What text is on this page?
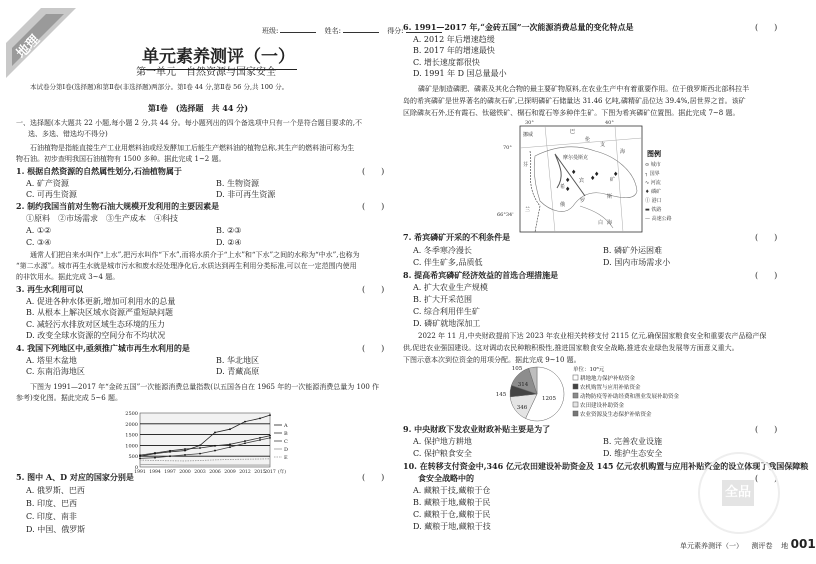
地理
班级:	姓名:	得分:
单元素养测评（一）
第一单元　自然资源与国家安全
本试卷分第Ⅰ卷(选择题)和第Ⅱ卷(非选择题)两部分。第Ⅰ卷 44 分,第Ⅱ卷 56 分,共 100 分。
第Ⅰ卷　(选择题　共 44 分)
一、选择题(本大题共 22 小题,每小题 2 分,共 44 分。每小题列出的四个备选项中只有一个是符合题目要求的,不
选、多选、错选均不得分)
石油植物是指能直接生产工业用燃料油或经发酵加工后能生产燃料油的植物总称,其生产的燃料油可称为生
物石油。初步查明我国石油植物有 1500 多种。据此完成 1~2 题。
1. 根据自然资源的自然属性划分,石油植物属于	(　　)
A. 矿产资源	B. 生物资源
C. 可再生资源	D. 非可再生资源
2. 制约我国当前对生物石油大规模开发利用的主要因素是	(　　)
①原料　②市场需求　③生产成本　④科技
A. ①②	B. ②③
C. ③④	D. ②④
通常人们把自来水叫作“上水”,把污水叫作“下水”,而将水质介于“上水”和“下水”之间的水称为“中水”,也称为
“第二水源”。城市再生水就是城市污水和废水经处理净化后,水质达到再生利用分类标准,可以在一定范围内使用
的非饮用水。据此完成 3~4 题。
3. 再生水利用可以	(　　)
A. 促进各种水体更新,增加可利用水的总量
B. 从根本上解决区域水资源严重短缺问题
C. 减轻污水排放对区域生态环境的压力
D. 改变全球水资源的空间分布不均状况
4. 我国下列地区中,亟须推广城市再生水利用的是	(　　)
A. 塔里木盆地	B. 华北地区
C. 东南沿海地区	D. 青藏高原
下图为 1991—2017 年“金砖五国”一次能源消费总量指数(以五国各自在 1965 年的一次能源消费总量为 100 作
参考)变化图。据此完成 5~6 题。
5. 图中 A、D 对应的国家分别是	(　　)
A. 俄罗斯、巴西
B. 印度、巴西
C. 印度、南非
D. 中国、俄罗斯
6. 1991—2017 年,“金砖五国”一次能源消费总量的变化特点是	(　　)
A. 2012 年后增速趋缓
B. 2017 年的增速最快
C. 增长速度都很快
D. 1991 年 D 国总量最小
磷矿是制造磷肥、磷素及其化合物的最主要矿物原料,在农业生产中有着重要作用。位于俄罗斯西北部科拉半
岛的希宾磷矿是世界著名的磷灰石矿,已探明磷矿石储量达 31.46 亿吨,磷精矿品位达 39.4%,居世界之首。该矿
区除磷灰石外,还有霞石、钛磁铁矿、榍石和霓石等多种伴生矿。下图为希宾磷矿位置图。据此完成 7~8 题。
7. 希宾磷矿开采的不利条件是	(　　)
A. 冬季寒冷漫长	B. 磷矿外运困难
C. 伴生矿多,品质低	D. 国内市场需求小
8. 提高希宾磷矿经济效益的首选合理措施是	(　　)
A. 扩大农业生产规模
B. 扩大开采范围
C. 综合利用伴生矿
D. 磷矿就地深加工
2022 年 11 月,中央财政提前下达 2023 年农业相关转移支付 2115 亿元,确保国家粮食安全和重要农产品稳产保
供,促进农业强国建设。这对调动农民种粮积极性,推进国家粮食安全战略,推进农业绿色发展等方面意义重大。
下图示意本次到位资金的用项分配。据此完成 9~10 题。
9. 中央财政下发农业财政补贴主要是为了	(　　)
A. 保护地方耕地	B. 完善农业设施
C. 保护粮食安全	D. 维护生态安全
10. 在转移支付资金中,346 亿元农田建设补助资金及 145 亿元农机购置与应用补贴资金的设立体现了我国保障粮
食安全战略中的	(　　)
A. 藏粮于技,藏粮于仓
B. 藏粮于地,藏粮于民
C. 藏粮于仓,藏粮于民
D. 藏粮于地,藏粮于技
0
500
1000
1500
2000
2500
1991 1994 1997 2000 2003 2006 2009 2012 2015
2017 (年)
A
B
C
D
E
30°	40°
70°
66°34'
巴
伦
支
海
挪威
芬
兰
摩尔曼斯克
希
宾	矿
俄
罗
斯
白 海
♦
♦
♦ ♦
♦
♦
图例
⊙ 城市
┐ 国界
∿ 河流
♦ 磷矿
Ⓘ 港口
▬ 铁路
— 高速公路
1205
346
145
314
105	单位：10⁸元
耕地地力保护补贴资金
农机购置与应用补贴资金
动物防疫等补助经费和渔业发展补助资金
农田建设补助资金
农业资源及生态保护补贴资金
全品
单元素养测评（一） 测评卷 地 001
